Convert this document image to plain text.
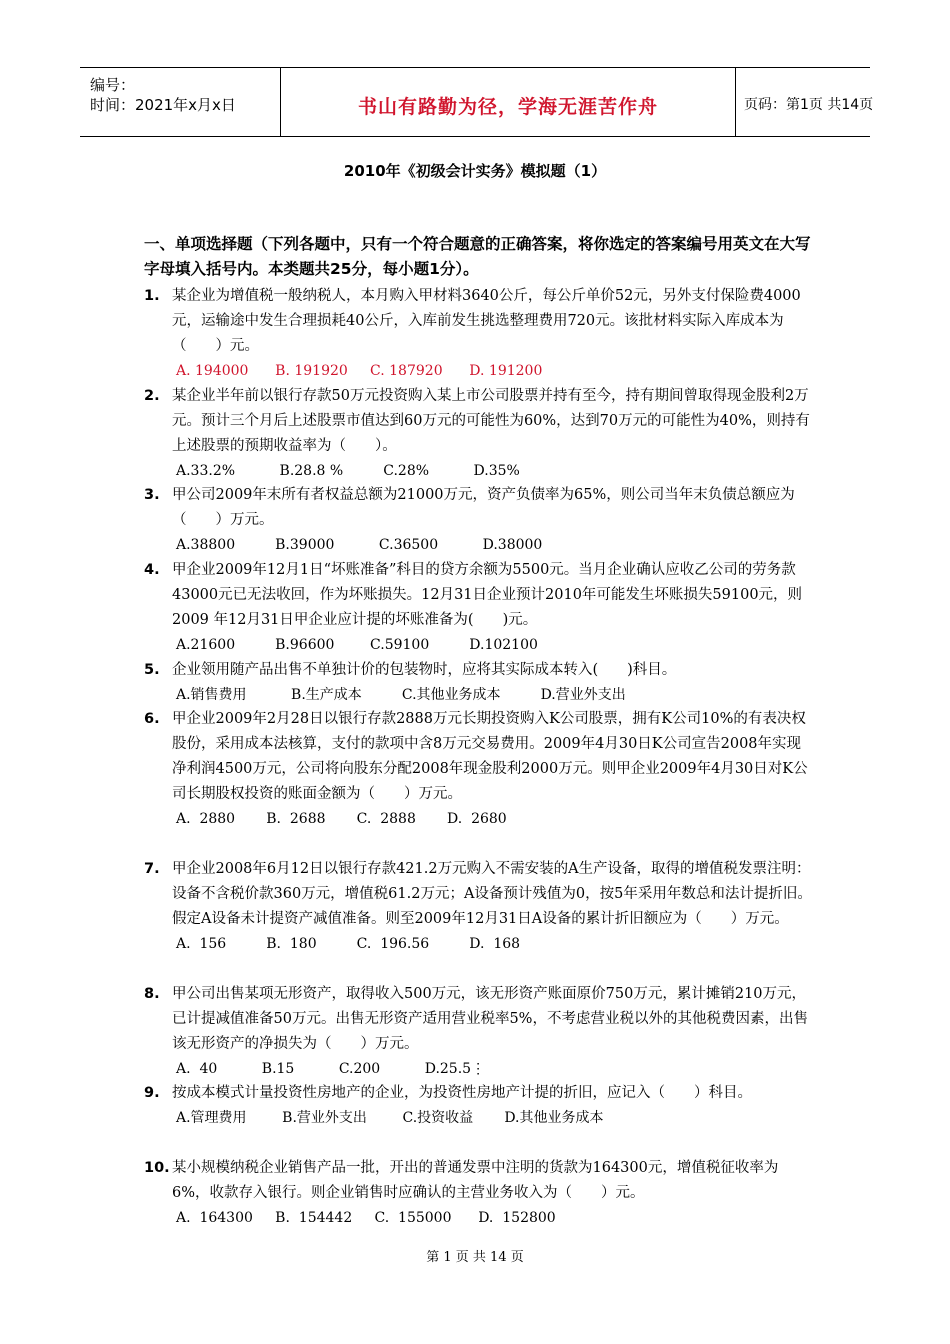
编号：
时间：2021年x月x日	书山有路勤为径，学海无涯苦作舟	页码：第1页 共14页
2010年《初级会计实务》模拟题（1）
一、单项选择题（下列各题中，只有一个符合题意的正确答案，将你选定的答案编号用英文在大写字母填入括号内。本类题共25分，每小题1分）。
1. 某企业为增值税一般纳税人，本月购入甲材料3640公斤，每公斤单价52元，另外支付保险费4000元，运输途中发生合理损耗40公斤，入库前发生挑选整理费用720元。该批材料实际入库成本为（　　）元。
A. 194000      B. 191920     C. 187920      D. 191200
2. 某企业半年前以银行存款50万元投资购入某上市公司股票并持有至今，持有期间曾取得现金股利2万元。预计三个月后上述股票市值达到60万元的可能性为60%，达到70万元的可能性为40%，则持有上述股票的预期收益率为（　　）。
A.33.2%          B.28.8 %         C.28%          D.35%
3. 甲公司2009年末所有者权益总额为21000万元，资产负债率为65%，则公司当年末负债总额应为（　　）万元。
A.38800         B.39000          C.36500          D.38000
4. 甲企业2009年12月1日“坏账准备”科目的贷方余额为5500元。当月企业确认应收乙公司的劳务款43000元已无法收回，作为坏账损失。12月31日企业预计2010年可能发生坏账损失59100元，则2009 年12月31日甲企业应计提的坏账准备为(　　)元。
A.21600         B.96600        C.59100         D.102100
5. 企业领用随产品出售不单独计价的包装物时，应将其实际成本转入(　　)科目。
A.销售费用          B.生产成本         C.其他业务成本         D.营业外支出
6. 甲企业2009年2月28日以银行存款2888万元长期投资购入K公司股票，拥有K公司10%的有表决权股份，采用成本法核算，支付的款项中含8万元交易费用。2009年4月30日K公司宣告2008年实现净利润4500万元，公司将向股东分配2008年现金股利2000万元。则甲企业2009年4月30日对K公司长期股权投资的账面金额为（　　）万元。
A.  2880       B.  2688       C.  2888       D.  2680
7. 甲企业2008年6月12日以银行存款421.2万元购入不需安装的A生产设备，取得的增值税发票注明：设备不含税价款360万元，增值税61.2万元；A设备预计残值为0，按5年采用年数总和法计提折旧。假定A设备未计提资产减值准备。则至2009年12月31日A设备的累计折旧额应为（　　）万元。
A.  156         B.  180         C.  196.56         D.  168
8. 甲公司出售某项无形资产，取得收入500万元，该无形资产账面原价750万元，累计摊销210万元，已计提减值准备50万元。出售无形资产适用营业税率5%，不考虑营业税以外的其他税费因素，出售该无形资产的净损失为（　　）万元。
A.  40          B.15          C.200          D.25.5⋮
9. 按成本模式计量投资性房地产的企业，为投资性房地产计提的折旧，应记入（　　）科目。
A.管理费用        B.营业外支出        C.投资收益       D.其他业务成本
10. 某小规模纳税企业销售产品一批，开出的普通发票中注明的货款为164300元，增值税征收率为6%，收款存入银行。则企业销售时应确认的主营业务收入为（　　）元。
A.  164300     B.  154442     C.  155000      D.  152800
第 1 页 共 14 页
